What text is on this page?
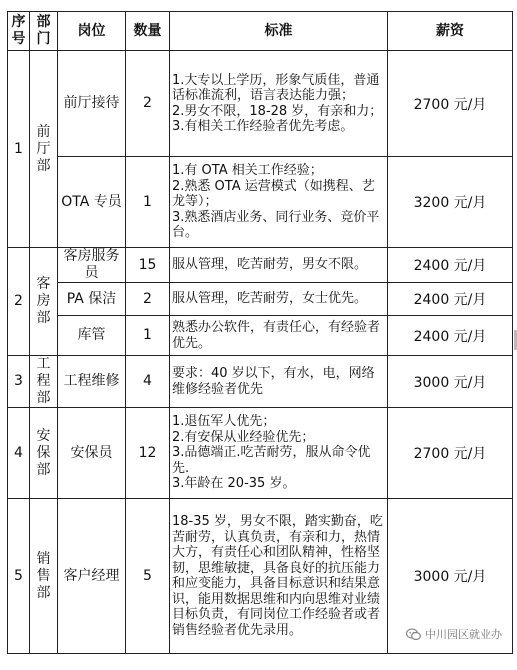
序号	部门	岗位	数量	标准	薪资
1	前厅部	前厅接待	2	1.大专以上学历，形象气质佳，普通话标准流利，语言表达能力强；
2.男女不限，18-28 岁，有亲和力；
3.有相关工作经验者优先考虑。	2700 元/月
		OTA 专员	1	1.有 OTA 相关工作经验；
2.熟悉 OTA 运营模式（如携程、艺龙等）；
3.熟悉酒店业务、同行业务、竞价平台。	3200 元/月
2	客房部	客房服务员	15	服从管理，吃苦耐劳，男女不限。	2400 元/月
		PA 保洁	2	服从管理，吃苦耐劳，女士优先。	2400 元/月
		库管	1	熟悉办公软件，有责任心，有经验者优先。	2400 元/月
3	工程部	工程维修	4	要求：40 岁以下，有水，电，网络维修经验者优先	3000 元/月
4	安保部	安保员	12	1.退伍军人优先；
2.有安保从业经验优先；
3.品德端正.吃苦耐劳，服从命令优先.
3.年龄在 20-35 岁。	2700 元/月
5	销售部	客户经理	5	18-35 岁，男女不限，踏实勤奋，吃苦耐劳，认真负责，有亲和力，热情大方，有责任心和团队精神，性格坚韧，思维敏捷，具备良好的抗压能力和应变能力，具备目标意识和结果意识，能用数据思维和内向思维对业绩目标负责，有同岗位工作经验者或者销售经验者优先录用。	3000 元/月
中川园区就业办
